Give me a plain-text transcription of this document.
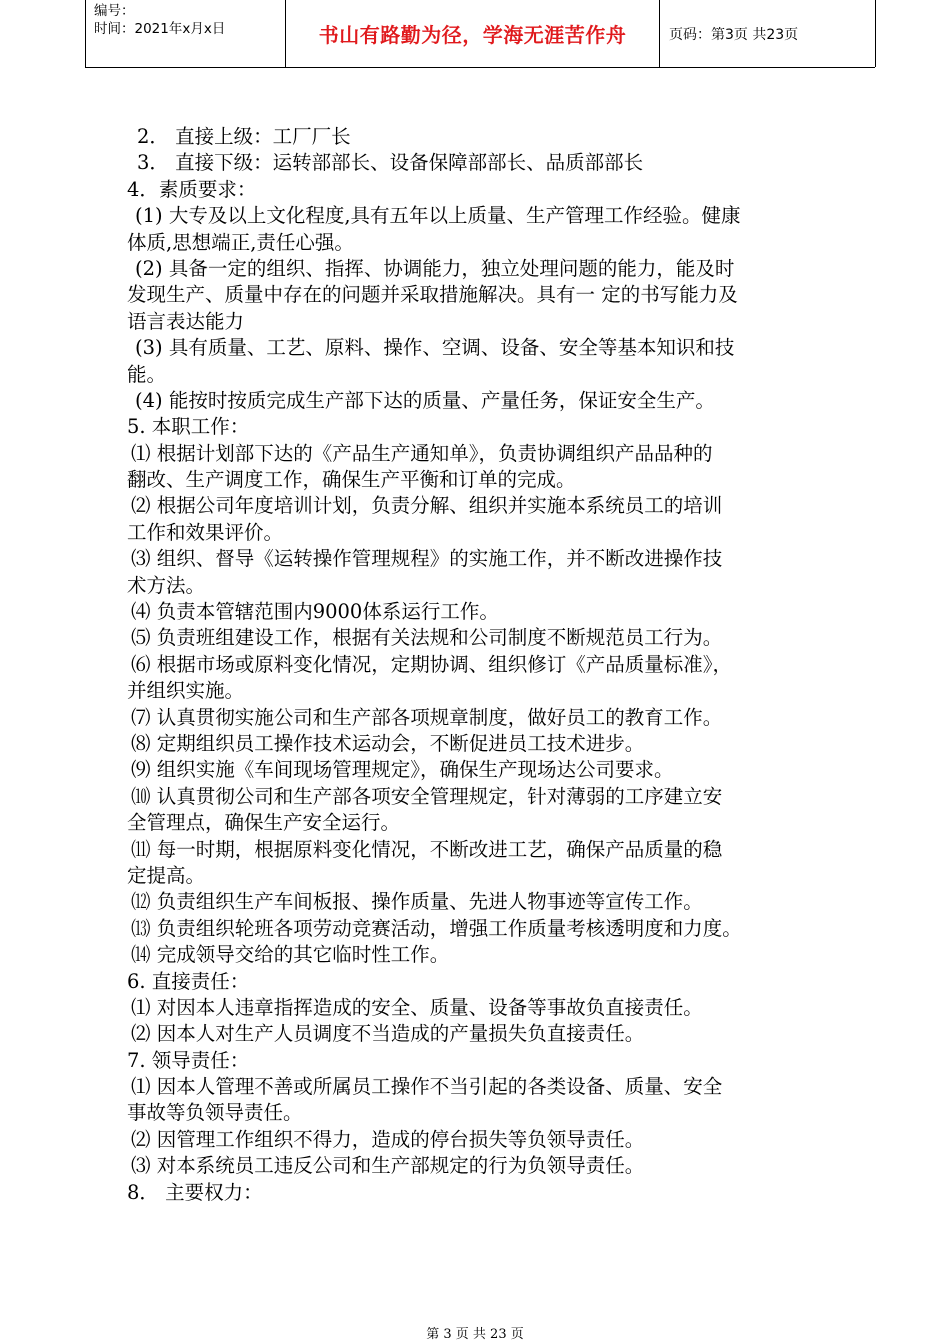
编号：
时间：2021年x月x日	书山有路勤为径，学海无涯苦作舟	页码：第3页 共23页
2． 直接上级：工厂厂长
3． 直接下级：运转部部长、设备保障部部长、品质部部长
4．素质要求：
(1) 大专及以上文化程度,具有五年以上质量、生产管理工作经验。健康
体质,思想端正,责任心强。
(2) 具备一定的组织、指挥、协调能力，独立处理问题的能力，能及时
发现生产、质量中存在的问题并采取措施解决。具有一 定的书写能力及
语言表达能力
(3) 具有质量、工艺、原料、操作、空调、设备、安全等基本知识和技
能。
(4) 能按时按质完成生产部下达的质量、产量任务，保证安全生产。
5. 本职工作：
⑴ 根据计划部下达的《产品生产通知单》，负责协调组织产品品种的
翻改、生产调度工作，确保生产平衡和订单的完成。
⑵ 根据公司年度培训计划，负责分解、组织并实施本系统员工的培训
工作和效果评价。
⑶ 组织、督导《运转操作管理规程》的实施工作，并不断改进操作技
术方法。
⑷ 负责本管辖范围内9000体系运行工作。
⑸ 负责班组建设工作，根据有关法规和公司制度不断规范员工行为。
⑹ 根据市场或原料变化情况，定期协调、组织修订《产品质量标准》，
并组织实施。
⑺ 认真贯彻实施公司和生产部各项规章制度，做好员工的教育工作。
⑻ 定期组织员工操作技术运动会，不断促进员工技术进步。
⑼ 组织实施《车间现场管理规定》，确保生产现场达公司要求。
⑽ 认真贯彻公司和生产部各项安全管理规定，针对薄弱的工序建立安
全管理点，确保生产安全运行。
⑾ 每一时期，根据原料变化情况，不断改进工艺，确保产品质量的稳
定提高。
⑿ 负责组织生产车间板报、操作质量、先进人物事迹等宣传工作。
⒀ 负责组织轮班各项劳动竞赛活动，增强工作质量考核透明度和力度。
⒁ 完成领导交给的其它临时性工作。
6. 直接责任：
⑴ 对因本人违章指挥造成的安全、质量、设备等事故负直接责任。
⑵ 因本人对生产人员调度不当造成的产量损失负直接责任。
7. 领导责任：
⑴ 因本人管理不善或所属员工操作不当引起的各类设备、质量、安全
事故等负领导责任。
⑵ 因管理工作组织不得力，造成的停台损失等负领导责任。
⑶ 对本系统员工违反公司和生产部规定的行为负领导责任。
8． 主要权力：
第 3 页 共 23 页
